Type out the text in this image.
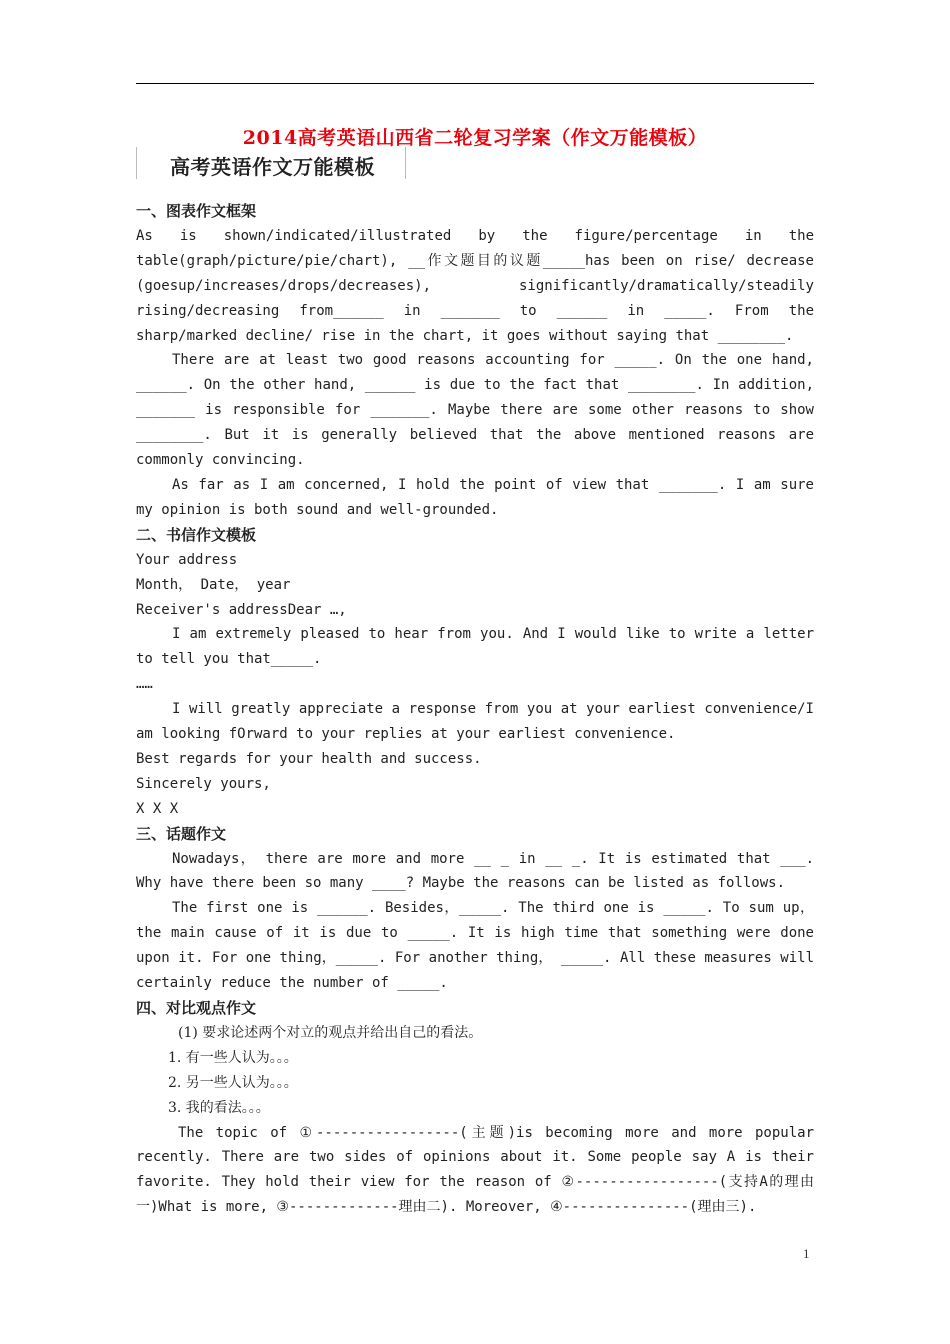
2014高考英语山西省二轮复习学案（作文万能模板）
高考英语作文万能模板

一、图表作文框架

As is shown/indicated/illustrated by the figure/percentage in the table(graph/picture/pie/chart), __作文题目的议题_____has been on rise/ decrease (goesup/increases/drops/decreases), significantly/dramatically/steadily rising/decreasing from______ in _______ to ______ in _____. From the sharp/marked decline/ rise in the chart, it goes without saying that ________.

There are at least two good reasons accounting for _____. On the one hand, ______. On the other hand, ______ is due to the fact that ________. In addition, _______ is responsible for _______. Maybe there are some other reasons to show ________. But it is generally believed that the above mentioned reasons are commonly convincing.

As far as I am concerned, I hold the point of view that _______. I am sure my opinion is both sound and well-grounded.

二、书信作文模板

Your address

Month， Date， year

Receiver's addressDear …,

I am extremely pleased to hear from you. And I would like to write a letter to tell you that_____.

……

I will greatly appreciate a response from you at your earliest convenience/I am looking fOrward to your replies at your earliest convenience.

Best regards for your health and success.

Sincerely yours,

X X X

三、话题作文

Nowadays， there are more and more __ _ in __ _. It is estimated that ___. Why have there been so many ____? Maybe the reasons can be listed as follows.

The first one is ______. Besides，_____. The third one is _____. To sum up，the main cause of it is due to _____. It is high time that something were done upon it. For one thing，_____. For another thing， _____. All these measures will certainly reduce the number of _____.

四、对比观点作文

(1) 要求论述两个对立的观点并给出自己的看法。

1. 有一些人认为。。。

2. 另一些人认为。。。

3. 我的看法。。。

The topic of ①-----------------(主题)is becoming more and more popular recently. There are two sides of opinions about it. Some people say A is their favorite. They hold their view for the reason of ②-----------------(支持A的理由一)What is more, ③-------------理由二). Moreover, ④---------------(理由三).

1
